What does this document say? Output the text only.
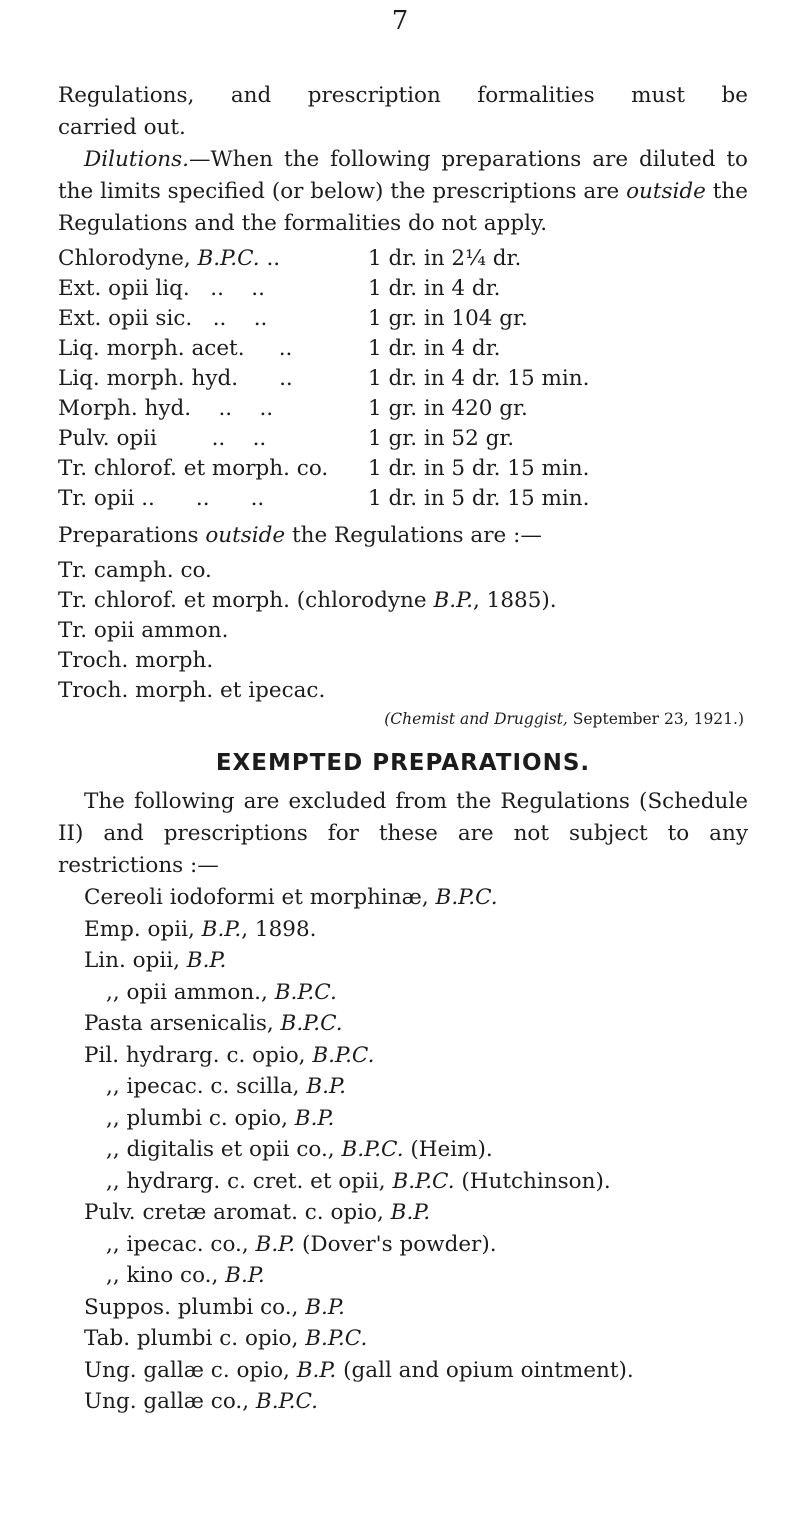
7

Regulations, and prescription formalities must be

carried out.

Dilutions.—When the following preparations are diluted to the limits specified (or below) the prescriptions are outside the Regulations and the formalities do not apply.

Chlorodyne, B.P.C. ..	1 dr. in 2¼ dr.
Ext. opii liq.   ..    ..	1 dr. in 4 dr.
Ext. opii sic.   ..    ..	1 gr. in 104 gr.
Liq. morph. acet.     ..	1 dr. in 4 dr.
Liq. morph. hyd.      ..	1 dr. in 4 dr. 15 min.
Morph. hyd.    ..    ..	1 gr. in 420 gr.
Pulv. opii        ..    ..	1 gr. in 52 gr.
Tr. chlorof. et morph. co.	1 dr. in 5 dr. 15 min.
Tr. opii ..      ..      ..	1 dr. in 5 dr. 15 min.

Preparations outside the Regulations are :—

Tr. camph. co.
Tr. chlorof. et morph. (chlorodyne B.P., 1885).
Tr. opii ammon.
Troch. morph.
Troch. morph. et ipecac.
(Chemist and Druggist, September 23, 1921.)
EXEMPTED PREPARATIONS.

The following are excluded from the Regulations (Schedule II) and prescriptions for these are not subject to any restrictions :—

Cereoli iodoformi et morphinæ, B.P.C.
Emp. opii, B.P., 1898.
Lin. opii, B.P.
,, opii ammon., B.P.C.
Pasta arsenicalis, B.P.C.
Pil. hydrarg. c. opio, B.P.C.
,, ipecac. c. scilla, B.P.
,, plumbi c. opio, B.P.
,, digitalis et opii co., B.P.C. (Heim).
,, hydrarg. c. cret. et opii, B.P.C. (Hutchinson).
Pulv. cretæ aromat. c. opio, B.P.
,, ipecac. co., B.P. (Dover's powder).
,, kino co., B.P.
Suppos. plumbi co., B.P.
Tab. plumbi c. opio, B.P.C.
Ung. gallæ c. opio, B.P. (gall and opium ointment).
Ung. gallæ co., B.P.C.
